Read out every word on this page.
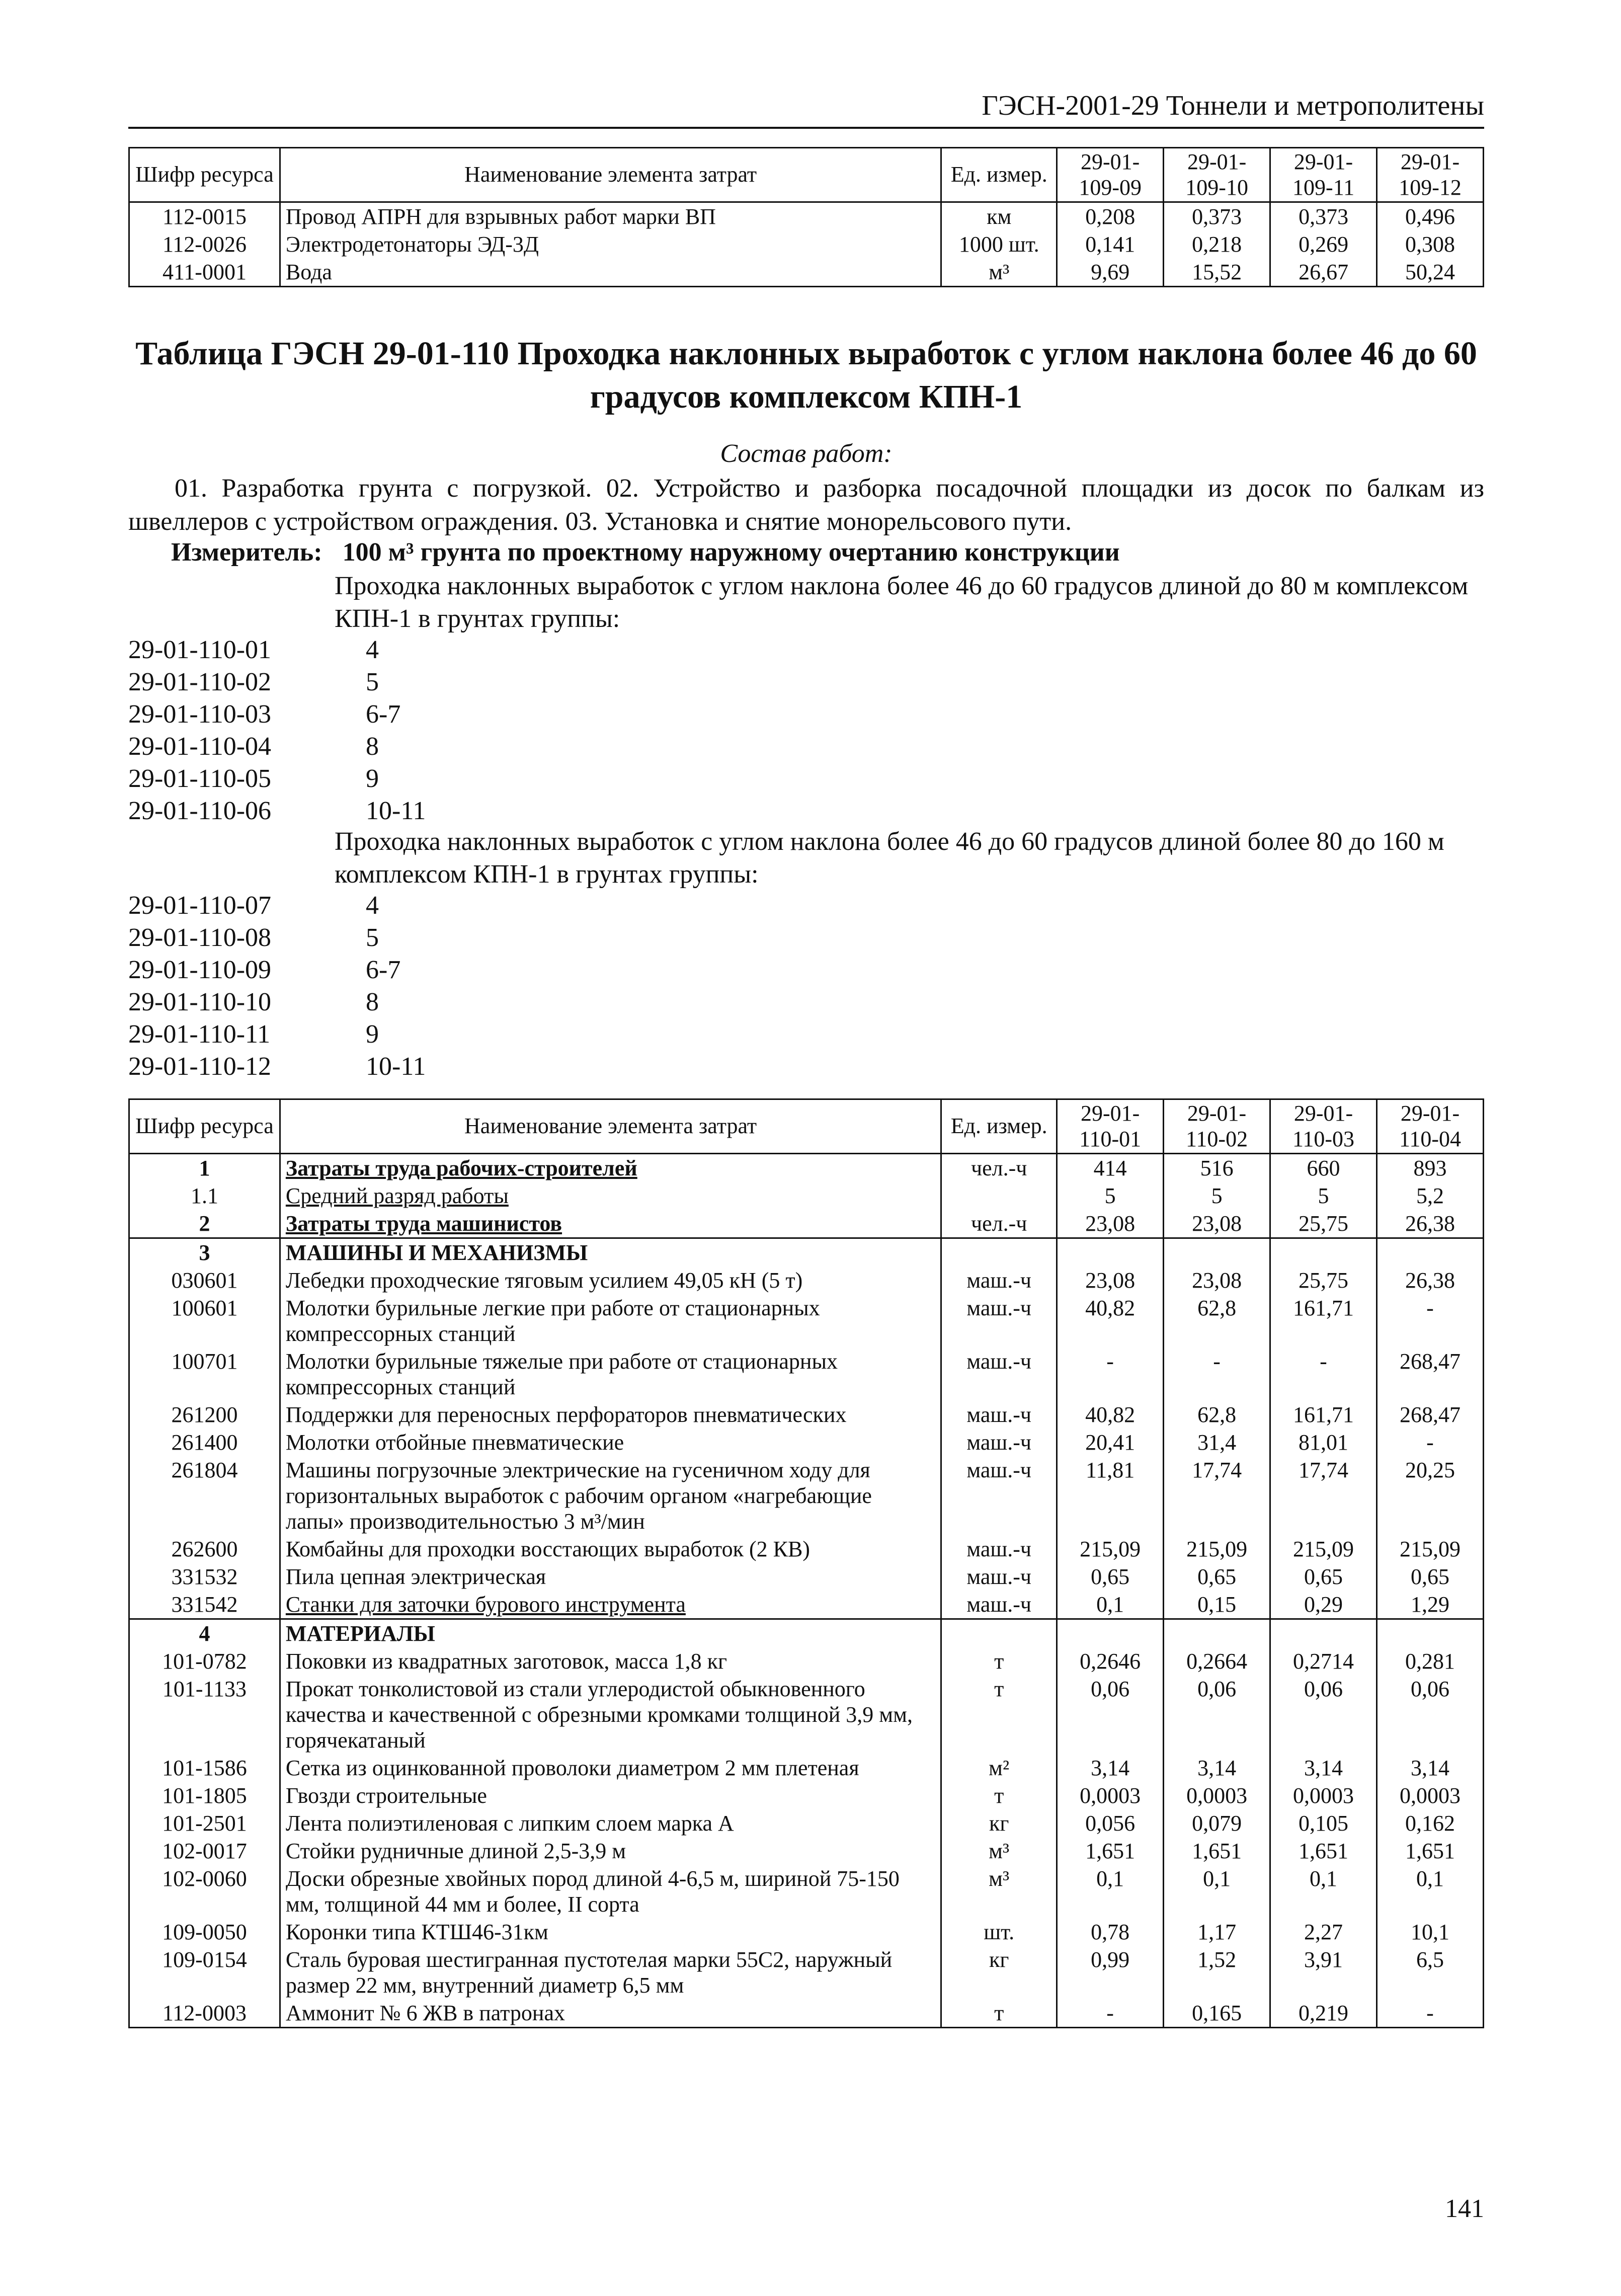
ГЭСН-2001-29 Тоннели и метрополитены
Шифр ресурса	Наименование элемента затрат	Ед. измер.	29-01-109-09	29-01-109-10	29-01-109-11	29-01-109-12
112-0015	Провод АПРН для взрывных работ марки ВП	км	0,208	0,373	0,373	0,496
112-0026	Электродетонаторы ЭД-3Д	1000 шт.	0,141	0,218	0,269	0,308
411-0001	Вода	м³	9,69	15,52	26,67	50,24
Таблица ГЭСН 29-01-110 Проходка наклонных выработок с углом наклона более 46 до 60 градусов комплексом КПН-1
Состав работ:
01. Разработка грунта с погрузкой. 02. Устройство и разборка посадочной площадки из досок по балкам из швеллеров с устройством ограждения. 03. Установка и снятие монорельсового пути.
Измеритель: 100 м³ грунта по проектному наружному очертанию конструкции
Проходка наклонных выработок с углом наклона более 46 до 60 градусов длиной до 80 м комплексом КПН-1 в грунтах группы:
29-01-110-01	4
29-01-110-02	5
29-01-110-03	6-7
29-01-110-04	8
29-01-110-05	9
29-01-110-06	10-11
Проходка наклонных выработок с углом наклона более 46 до 60 градусов длиной более 80 до 160 м комплексом КПН-1 в грунтах группы:
29-01-110-07	4
29-01-110-08	5
29-01-110-09	6-7
29-01-110-10	8
29-01-110-11	9
29-01-110-12	10-11
Шифр ресурса	Наименование элемента затрат	Ед. измер.	29-01-110-01	29-01-110-02	29-01-110-03	29-01-110-04
1	Затраты труда рабочих-строителей	чел.-ч	414	516	660	893
1.1	Средний разряд работы		5	5	5	5,2
2	Затраты труда машинистов	чел.-ч	23,08	23,08	25,75	26,38
3	МАШИНЫ И МЕХАНИЗМЫ					
030601	Лебедки проходческие тяговым усилием 49,05 кН (5 т)	маш.-ч	23,08	23,08	25,75	26,38
100601	Молотки бурильные легкие при работе от стационарных компрессорных станций	маш.-ч	40,82	62,8	161,71	-
100701	Молотки бурильные тяжелые при работе от стационарных компрессорных станций	маш.-ч	-	-	-	268,47
261200	Поддержки для переносных перфораторов пневматических	маш.-ч	40,82	62,8	161,71	268,47
261400	Молотки отбойные пневматические	маш.-ч	20,41	31,4	81,01	-
261804	Машины погрузочные электрические на гусеничном ходу для горизонтальных выработок с рабочим органом «нагребающие лапы» производительностью 3 м³/мин	маш.-ч	11,81	17,74	17,74	20,25
262600	Комбайны для проходки восстающих выработок (2 КВ)	маш.-ч	215,09	215,09	215,09	215,09
331532	Пила цепная электрическая	маш.-ч	0,65	0,65	0,65	0,65
331542	Станки для заточки бурового инструмента	маш.-ч	0,1	0,15	0,29	1,29
4	МАТЕРИАЛЫ					
101-0782	Поковки из квадратных заготовок, масса 1,8 кг	т	0,2646	0,2664	0,2714	0,281
101-1133	Прокат тонколистовой из стали углеродистой обыкновенного качества и качественной с обрезными кромками толщиной 3,9 мм, горячекатаный	т	0,06	0,06	0,06	0,06
101-1586	Сетка из оцинкованной проволоки диаметром 2 мм плетеная	м²	3,14	3,14	3,14	3,14
101-1805	Гвозди строительные	т	0,0003	0,0003	0,0003	0,0003
101-2501	Лента полиэтиленовая с липким слоем марка А	кг	0,056	0,079	0,105	0,162
102-0017	Стойки рудничные длиной 2,5-3,9 м	м³	1,651	1,651	1,651	1,651
102-0060	Доски обрезные хвойных пород длиной 4-6,5 м, шириной 75-150 мм, толщиной 44 мм и более, II сорта	м³	0,1	0,1	0,1	0,1
109-0050	Коронки типа КТШ46-31км	шт.	0,78	1,17	2,27	10,1
109-0154	Сталь буровая шестигранная пустотелая марки 55С2, наружный размер 22 мм, внутренний диаметр 6,5 мм	кг	0,99	1,52	3,91	6,5
112-0003	Аммонит № 6 ЖВ в патронах	т	-	0,165	0,219	-
141
